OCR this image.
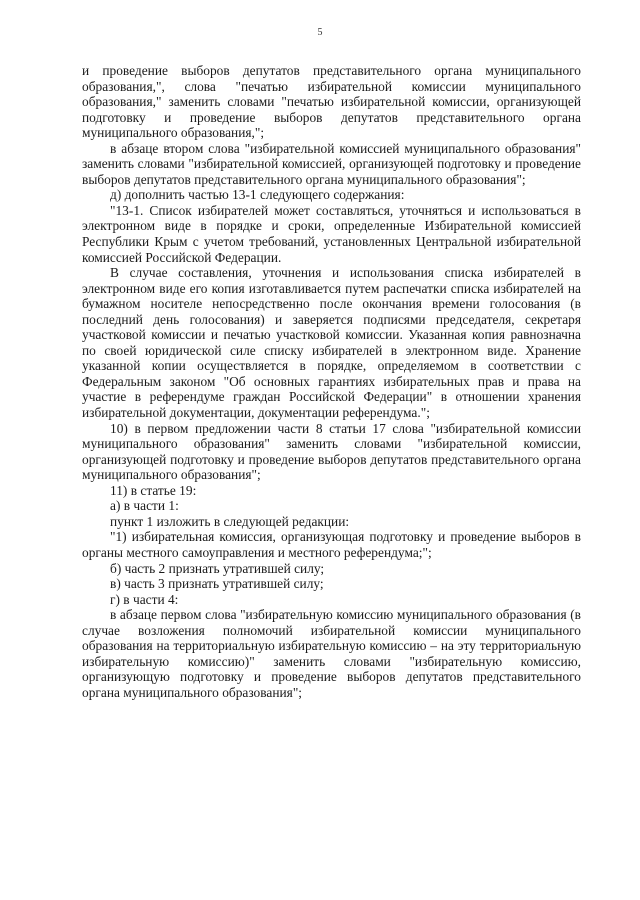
5

и проведение выборов депутатов представительного органа муниципального образования,", слова "печатью избирательной комиссии муниципального образования," заменить словами "печатью избирательной комиссии, организующей подготовку и проведение выборов депутатов представительного органа муниципального образования,";

в абзаце втором слова "избирательной комиссией муниципального образования" заменить словами "избирательной комиссией, организующей подготовку и проведение выборов депутатов представительного органа муниципального образования";

д) дополнить частью 13-1 следующего содержания:

"13-1. Список избирателей может составляться, уточняться и использоваться в электронном виде в порядке и сроки, определенные Избирательной комиссией Республики Крым с учетом требований, установленных Центральной избирательной комиссией Российской Федерации.

В случае составления, уточнения и использования списка избирателей в электронном виде его копия изготавливается путем распечатки списка избирателей на бумажном носителе непосредственно после окончания времени голосования (в последний день голосования) и заверяется подписями председателя, секретаря участковой комиссии и печатью участковой комиссии. Указанная копия равнозначна по своей юридической силе списку избирателей в электронном виде. Хранение указанной копии осуществляется в порядке, определяемом в соответствии с Федеральным законом "Об основных гарантиях избирательных прав и права на участие в референдуме граждан Российской Федерации" в отношении хранения избирательной документации, документации референдума.";

10) в первом предложении части 8 статьи 17 слова "избирательной комиссии муниципального образования" заменить словами "избирательной комиссии, организующей подготовку и проведение выборов депутатов представительного органа муниципального образования";

11) в статье 19:

а) в части 1:

пункт 1 изложить в следующей редакции:

"1) избирательная комиссия, организующая подготовку и проведение выборов в органы местного самоуправления и местного референдума;";

б) часть 2 признать утратившей силу;

в) часть 3 признать утратившей силу;

г) в части 4:

в абзаце первом слова "избирательную комиссию муниципального образования (в случае возложения полномочий избирательной комиссии муниципального образования на территориальную избирательную комиссию – на эту территориальную избирательную комиссию)" заменить словами "избирательную комиссию, организующую подготовку и проведение выборов депутатов представительного органа муниципального образования";
